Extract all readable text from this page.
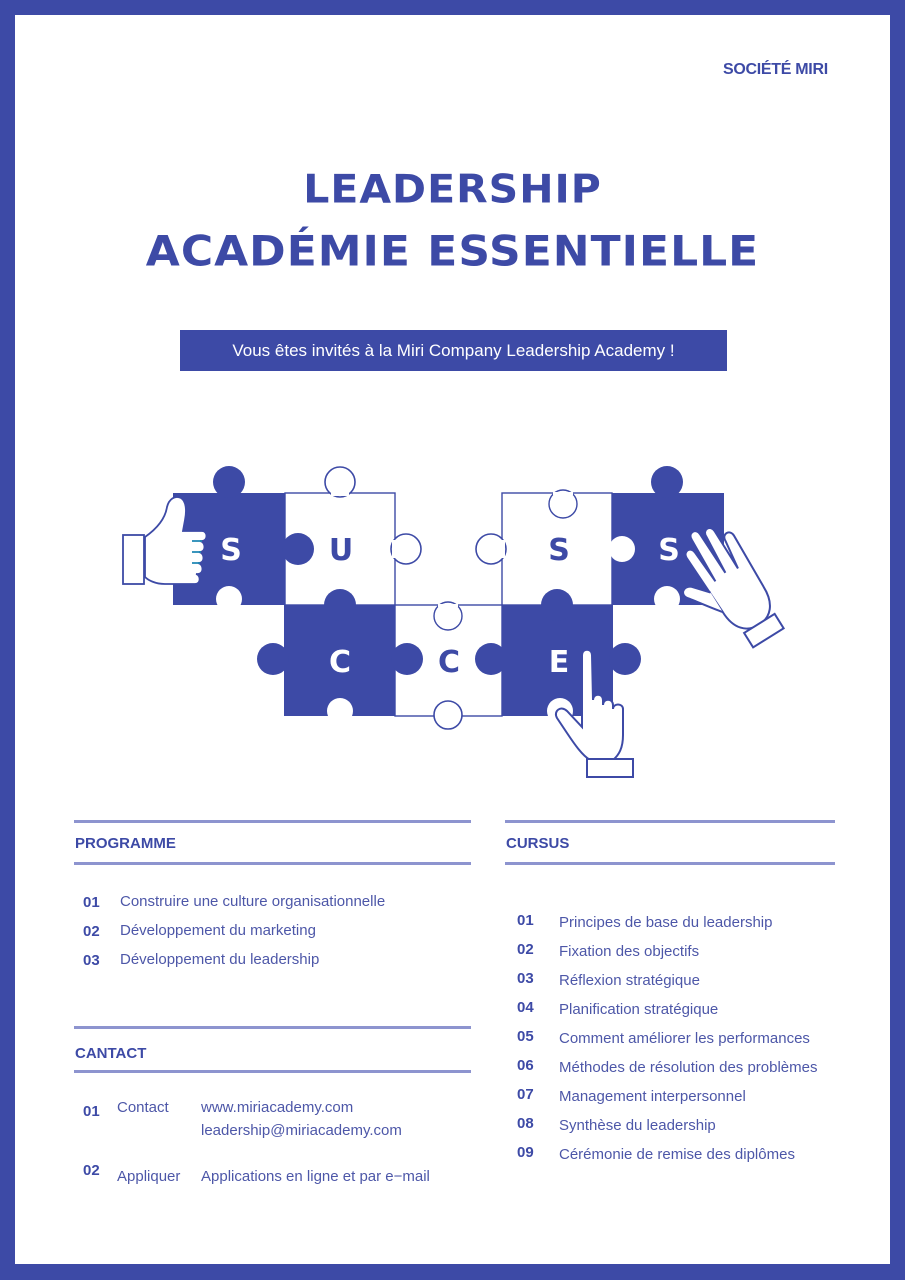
SOCIÉTÉ MIRI
LEADERSHIP
ACADÉMIE ESSENTIELLE
Vous êtes invités à la Miri Company Leadership Academy !
S	U
C	C	E
S	S
PROGRAMME
01 Construire une culture organisationnelle
02 Développement du marketing
03 Développement du leadership
CANTACT
01 Contact www.miriacademy.com
leadership@miriacademy.com
02 Appliquer Applications en ligne et par e−mail
CURSUS
01 Principes de base du leadership
02 Fixation des objectifs
03 Réflexion stratégique
04 Planification stratégique
05 Comment améliorer les performances
06 Méthodes de résolution des problèmes
07 Management interpersonnel
08 Synthèse du leadership
09 Cérémonie de remise des diplômes
